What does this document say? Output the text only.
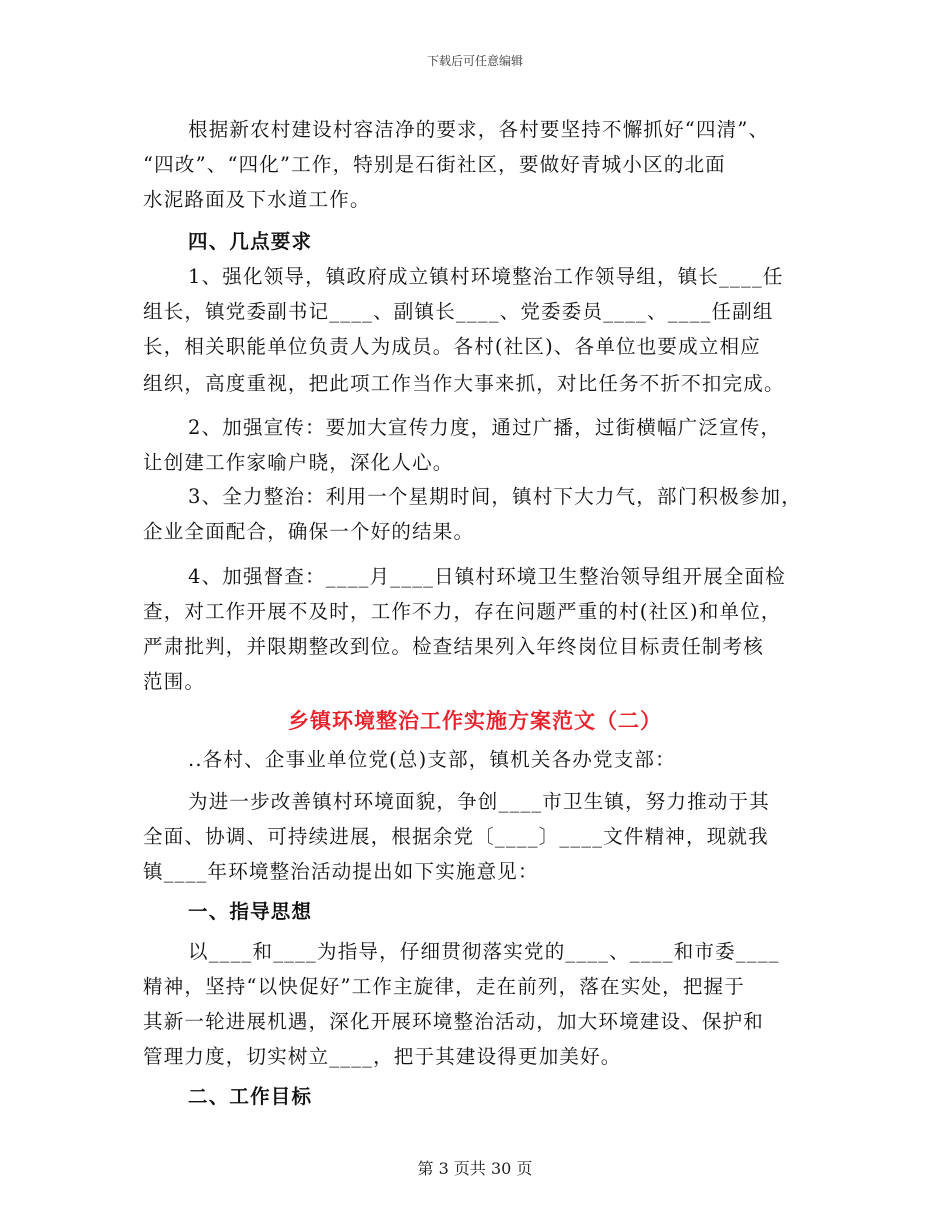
下载后可任意编辑
根据新农村建设村容洁净的要求，各村要坚持不懈抓好“四清”、
“四改”、“四化”工作，特别是石街社区，要做好青城小区的北面
水泥路面及下水道工作。
四、几点要求
1、强化领导，镇政府成立镇村环境整治工作领导组，镇长____任
组长，镇党委副书记____、副镇长____、党委委员____、____任副组
长，相关职能单位负责人为成员。各村(社区)、各单位也要成立相应
组织，高度重视，把此项工作当作大事来抓，对比任务不折不扣完成。
2、加强宣传：要加大宣传力度，通过广播，过街横幅广泛宣传，
让创建工作家喻户晓，深化人心。
3、全力整治：利用一个星期时间，镇村下大力气，部门积极参加，
企业全面配合，确保一个好的结果。
4、加强督查：____月____日镇村环境卫生整治领导组开展全面检
查，对工作开展不及时，工作不力，存在问题严重的村(社区)和单位，
严肃批判，并限期整改到位。检查结果列入年终岗位目标责任制考核
范围。
乡镇环境整治工作实施方案范文（二）
..各村、企事业单位党(总)支部，镇机关各办党支部：
为进一步改善镇村环境面貌，争创____市卫生镇，努力推动于其
全面、协调、可持续进展，根据余党〔____〕____文件精神，现就我
镇____年环境整治活动提出如下实施意见：
一、指导思想
以____和____为指导，仔细贯彻落实党的____、____和市委____
精神，坚持“以快促好”工作主旋律，走在前列，落在实处，把握于
其新一轮进展机遇，深化开展环境整治活动，加大环境建设、保护和
管理力度，切实树立____，把于其建设得更加美好。
二、工作目标
第 3 页共 30 页
